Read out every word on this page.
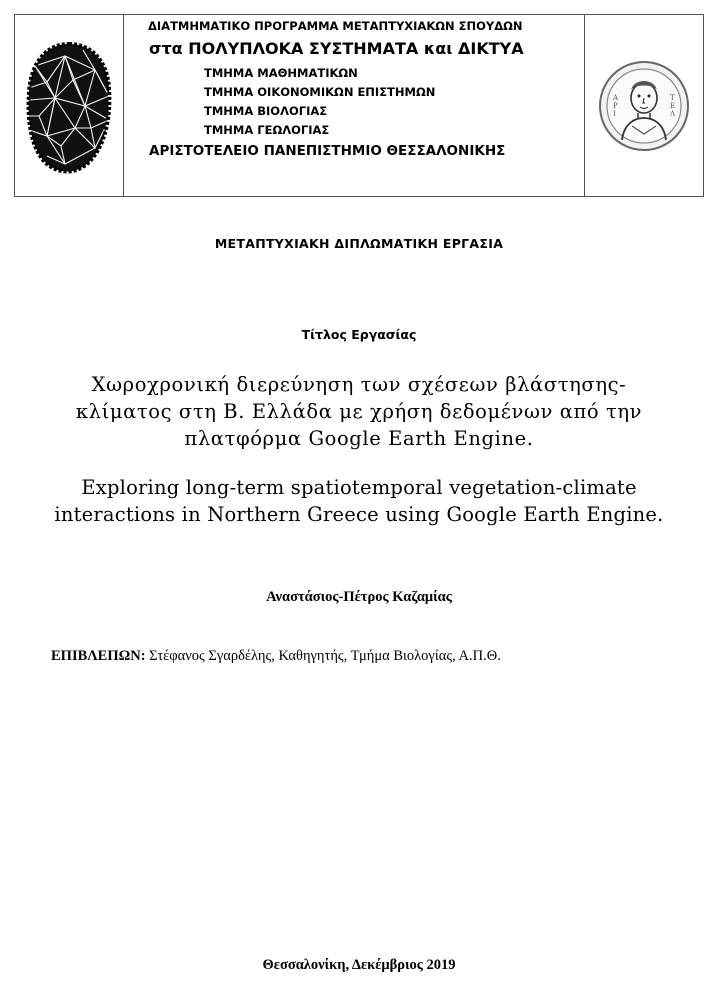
ΔΙΑΤΜΗΜΑΤΙΚΟ ΠΡΟΓΡΑΜΜΑ ΜΕΤΑΠΤΥΧΙΑΚΩΝ ΣΠΟΥΔΩΝ
στα ΠΟΛΥΠΛΟΚΑ ΣΥΣΤΗΜΑΤΑ και ΔΙΚΤΥΑ
ΤΜΗΜΑ ΜΑΘΗΜΑΤΙΚΩΝ
ΤΜΗΜΑ ΟΙΚΟΝΟΜΙΚΩΝ ΕΠΙΣΤΗΜΩΝ
ΤΜΗΜΑ ΒΙΟΛΟΓΙΑΣ
ΤΜΗΜΑ ΓΕΩΛΟΓΙΑΣ
ΑΡΙΣΤΟΤΕΛΕΙΟ ΠΑΝΕΠΙΣΤΗΜΙΟ ΘΕΣΣΑΛΟΝΙΚΗΣ
Α
Ρ
Ι
Τ
Ε
Λ
ΜΕΤΑΠΤΥΧΙΑΚΗ ΔΙΠΛΩΜΑΤΙΚΗ ΕΡΓΑΣΙΑ
Τίτλος Εργασίας
Χωροχρονική διερεύνηση των σχέσεων βλάστησης-κλίματος στη Β. Ελλάδα με χρήση δεδομένων από την πλατφόρμα Google Earth Engine.
Exploring long-term spatiotemporal vegetation-climate interactions in Northern Greece using Google Earth Engine.
Αναστάσιος-Πέτρος Καζαμίας
ΕΠΙΒΛΕΠΩΝ: Στέφανος Σγαρδέλης, Καθηγητής, Τμήμα Βιολογίας, Α.Π.Θ.
Θεσσαλονίκη, Δεκέμβριος 2019
